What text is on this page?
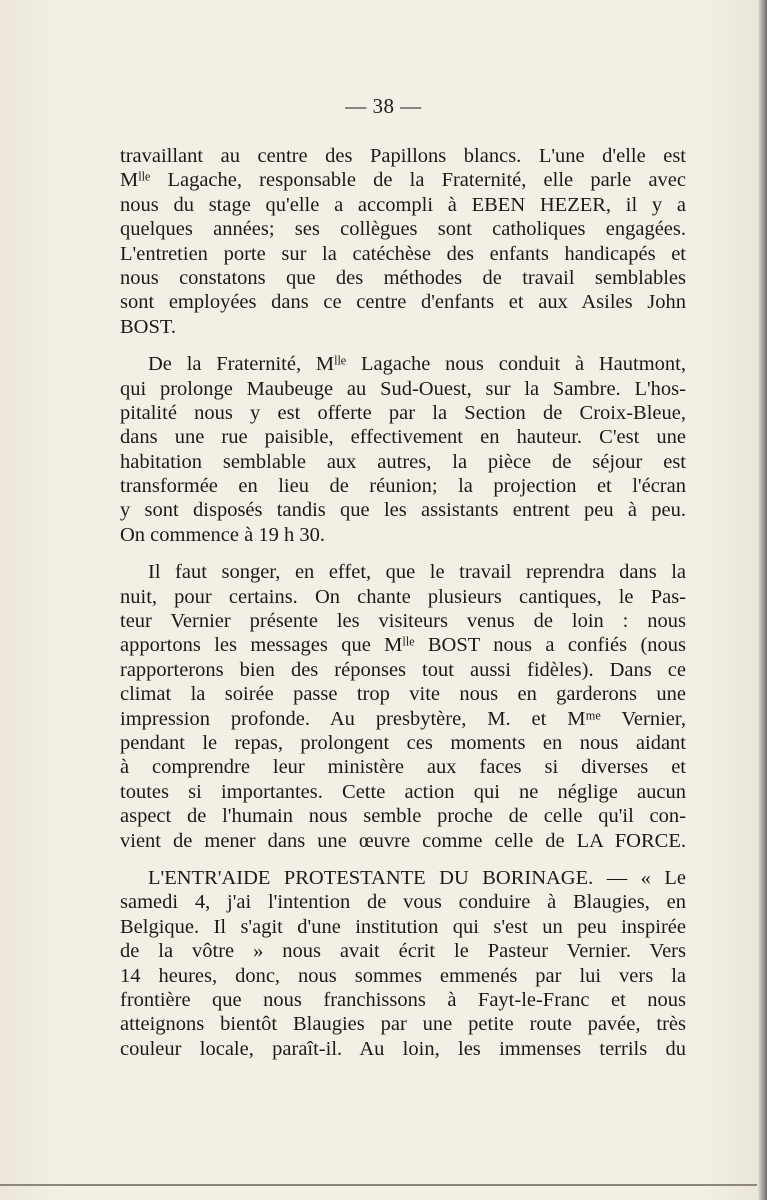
— 38 —
travaillant au centre des Papillons blancs. L'une d'elle est
Mˡˡᵉ Lagache, responsable de la Fraternité, elle parle avec
nous du stage qu'elle a accompli à EBEN HEZER, il y a
quelques années; ses collègues sont catholiques engagées.
L'entretien porte sur la catéchèse des enfants handicapés et
nous constatons que des méthodes de travail semblables
sont employées dans ce centre d'enfants et aux Asiles John
BOST.
De la Fraternité, Mˡˡᵉ Lagache nous conduit à Hautmont,
qui prolonge Maubeuge au Sud-Ouest, sur la Sambre. L'hos-
pitalité nous y est offerte par la Section de Croix-Bleue,
dans une rue paisible, effectivement en hauteur. C'est une
habitation semblable aux autres, la pièce de séjour est
transformée en lieu de réunion; la projection et l'écran
y sont disposés tandis que les assistants entrent peu à peu.
On commence à 19 h 30.
Il faut songer, en effet, que le travail reprendra dans la
nuit, pour certains. On chante plusieurs cantiques, le Pas-
teur Vernier présente les visiteurs venus de loin : nous
apportons les messages que Mˡˡᵉ BOST nous a confiés (nous
rapporterons bien des réponses tout aussi fidèles). Dans ce
climat la soirée passe trop vite nous en garderons une
impression profonde. Au presbytère, M. et Mᵐᵉ Vernier,
pendant le repas, prolongent ces moments en nous aidant
à comprendre leur ministère aux faces si diverses et
toutes si importantes. Cette action qui ne néglige aucun
aspect de l'humain nous semble proche de celle qu'il con-
vient de mener dans une œuvre comme celle de LA FORCE.
L'ENTR'AIDE PROTESTANTE DU BORINAGE. — « Le
samedi 4, j'ai l'intention de vous conduire à Blaugies, en
Belgique. Il s'agit d'une institution qui s'est un peu inspirée
de la vôtre » nous avait écrit le Pasteur Vernier. Vers
14 heures, donc, nous sommes emmenés par lui vers la
frontière que nous franchissons à Fayt-le-Franc et nous
atteignons bientôt Blaugies par une petite route pavée, très
couleur locale, paraît-il. Au loin, les immenses terrils du
